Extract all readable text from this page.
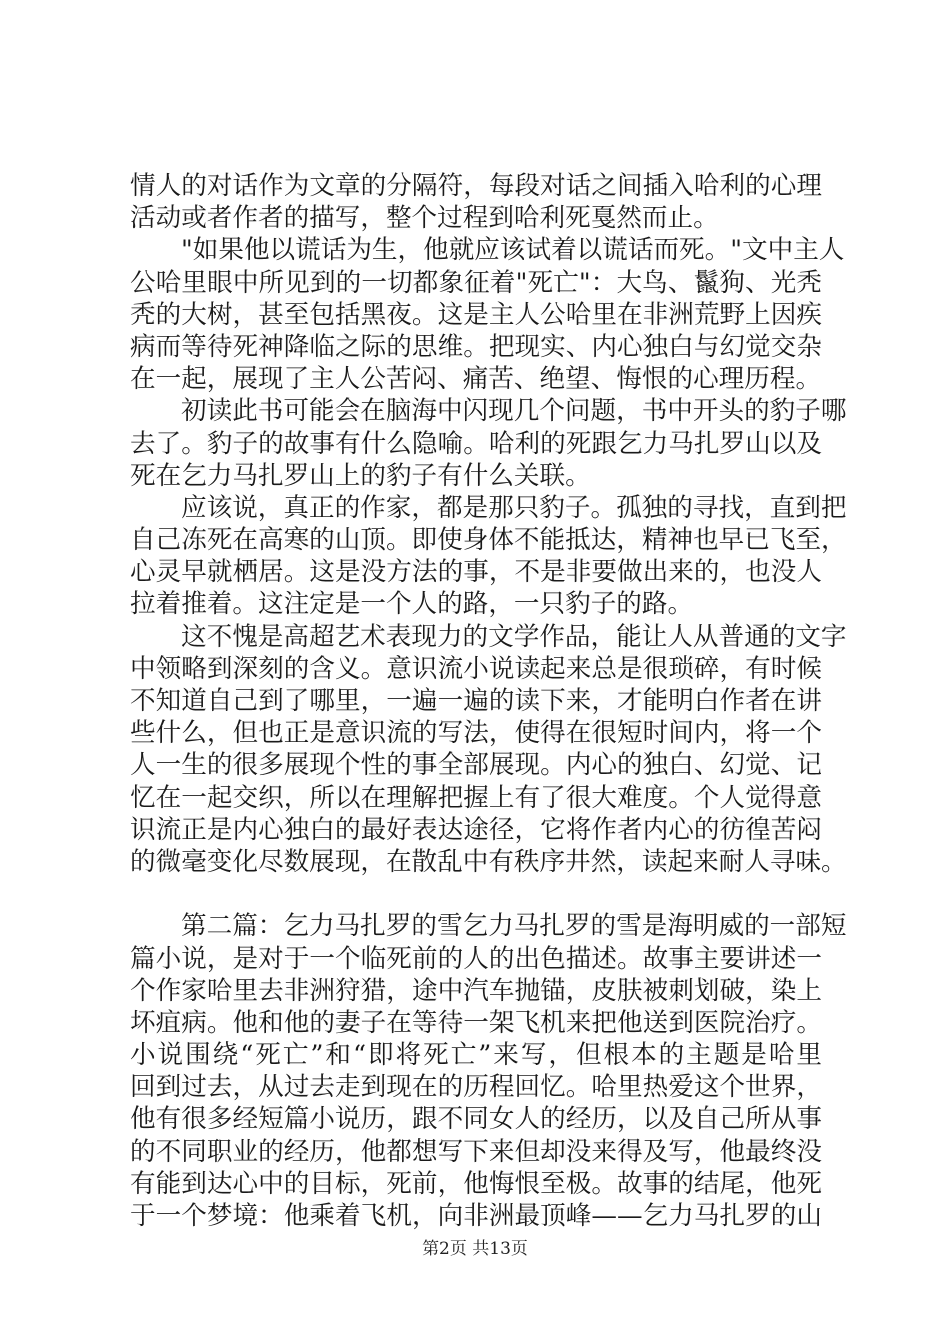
情人的对话作为文章的分隔符，每段对话之间插入哈利的心理
活动或者作者的描写，整个过程到哈利死戛然而止。
"如果他以谎话为生，他就应该试着以谎话而死。"文中主人
公哈里眼中所见到的一切都象征着"死亡"：大鸟、鬣狗、光秃
秃的大树，甚至包括黑夜。这是主人公哈里在非洲荒野上因疾
病而等待死神降临之际的思维。把现实、内心独白与幻觉交杂
在一起，展现了主人公苦闷、痛苦、绝望、悔恨的心理历程。
初读此书可能会在脑海中闪现几个问题，书中开头的豹子哪
去了。豹子的故事有什么隐喻。哈利的死跟乞力马扎罗山以及
死在乞力马扎罗山上的豹子有什么关联。
应该说，真正的作家，都是那只豹子。孤独的寻找，直到把
自己冻死在高寒的山顶。即使身体不能抵达，精神也早已飞至，
心灵早就栖居。这是没方法的事，不是非要做出来的，也没人
拉着推着。这注定是一个人的路，一只豹子的路。
这不愧是高超艺术表现力的文学作品，能让人从普通的文字
中领略到深刻的含义。意识流小说读起来总是很琐碎，有时候
不知道自己到了哪里，一遍一遍的读下来，才能明白作者在讲
些什么，但也正是意识流的写法，使得在很短时间内，将一个
人一生的很多展现个性的事全部展现。内心的独白、幻觉、记
忆在一起交织，所以在理解把握上有了很大难度。个人觉得意
识流正是内心独白的最好表达途径，它将作者内心的彷徨苦闷
的微毫变化尽数展现，在散乱中有秩序井然，读起来耐人寻味。
第二篇：乞力马扎罗的雪乞力马扎罗的雪是海明威的一部短
篇小说，是对于一个临死前的人的出色描述。故事主要讲述一
个作家哈里去非洲狩猎，途中汽车抛锚，皮肤被刺划破，染上
坏疽病。他和他的妻子在等待一架飞机来把他送到医院治疗。
小说围绕“死亡”和“即将死亡”来写，但根本的主题是哈里
回到过去，从过去走到现在的历程回忆。哈里热爱这个世界，
他有很多经短篇小说历，跟不同女人的经历，以及自己所从事
的不同职业的经历，他都想写下来但却没来得及写，他最终没
有能到达心中的目标，死前，他悔恨至极。故事的结尾，他死
于一个梦境：他乘着飞机，向非洲最顶峰——乞力马扎罗的山
第2页 共13页
